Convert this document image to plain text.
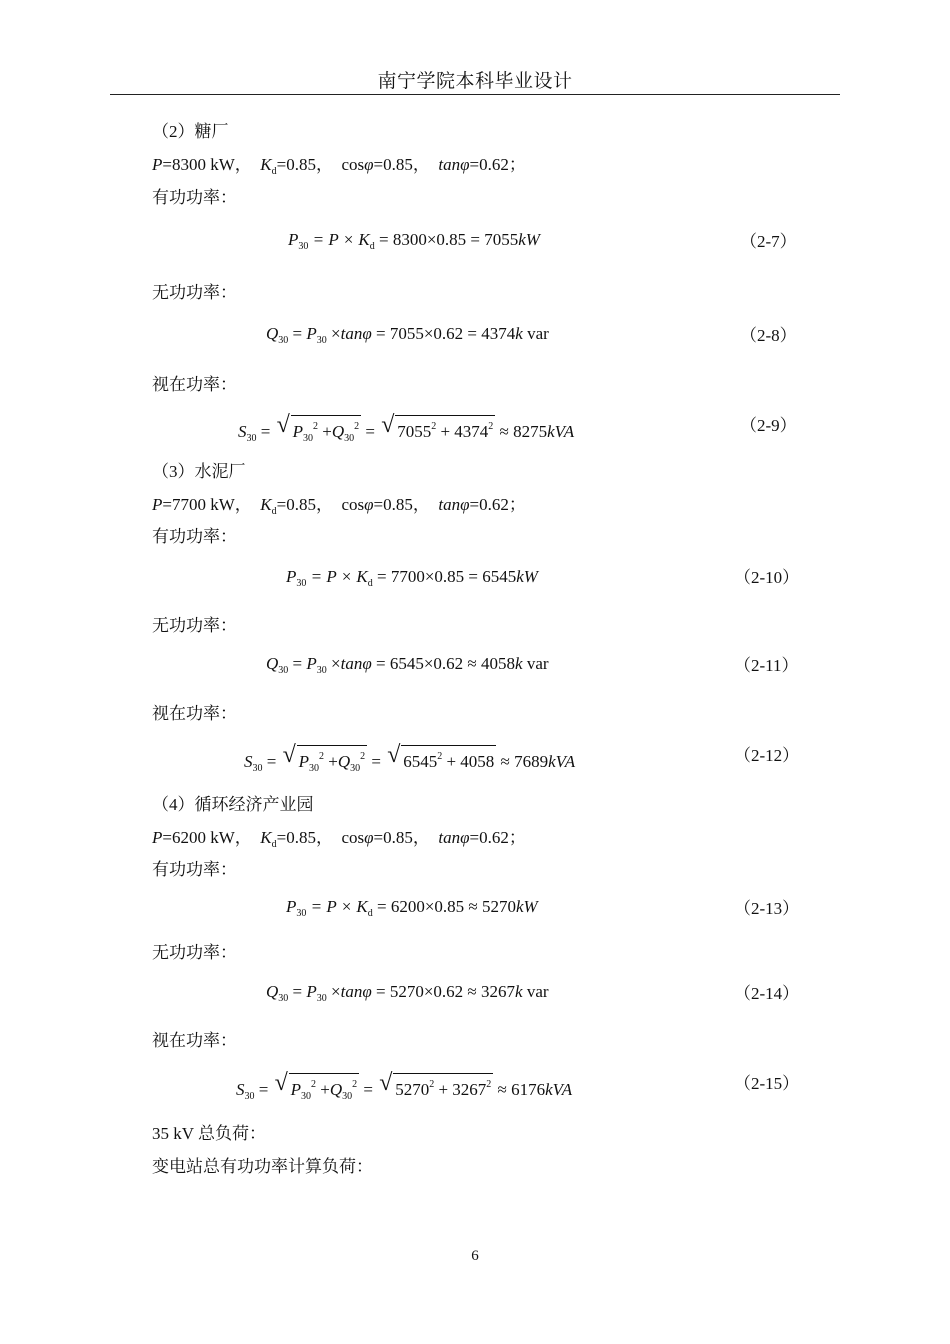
南宁学院本科毕业设计
（2）糖厂
P=8300 kW， $K_d=0.85$， cosφ=0.85， tanφ=0.62；
有功功率：
$P_{30} = P \times K_d = 8300\times 0.85 = 7055kW$	（2-7）
无功功率：
$Q_{30} = P_{30} \times\tan\varphi = 7055\times 0.62 = 4374k$ var	（2-8）
视在功率：
$S_{30}$ = √ $P_{30}^2 +Q_{30}^2$ = √ $7055^2 + 4374^2 \approx 8275kVA$	（2-9）
（3）水泥厂
P=7700 kW， $K_d=0.85$， cosφ=0.85， tanφ=0.62；
有功功率：
$P_{30} = P \times K_d = 7700\times 0.85 = 6545kW$	（2-10）
无功功率：
$Q_{30} = P_{30} \times\tan\varphi = 6545\times 0.62 \approx 4058k$ var	（2-11）
视在功率：
$S_{30}$ = √ $P_{30}^2 +Q_{30}^2$ = √ $6545^2 + 4058 \approx 7689kVA$	（2-12）
（4）循环经济产业园
P=6200 kW， $K_d=0.85$， cosφ=0.85， tanφ=0.62；
有功功率：
$P_{30} = P \times K_d = 6200\times 0.85 \approx 5270kW$	（2-13）
无功功率：
$Q_{30} = P_{30} \times\tan\varphi = 5270\times 0.62 \approx 3267k$ var	（2-14）
视在功率：
$S_{30}$ = √ $P_{30}^2 +Q_{30}^2$ = √ $5270^2 + 3267^2 \approx 6176kVA$	（2-15）
35 kV 总负荷：
变电站总有功功率计算负荷：
6
